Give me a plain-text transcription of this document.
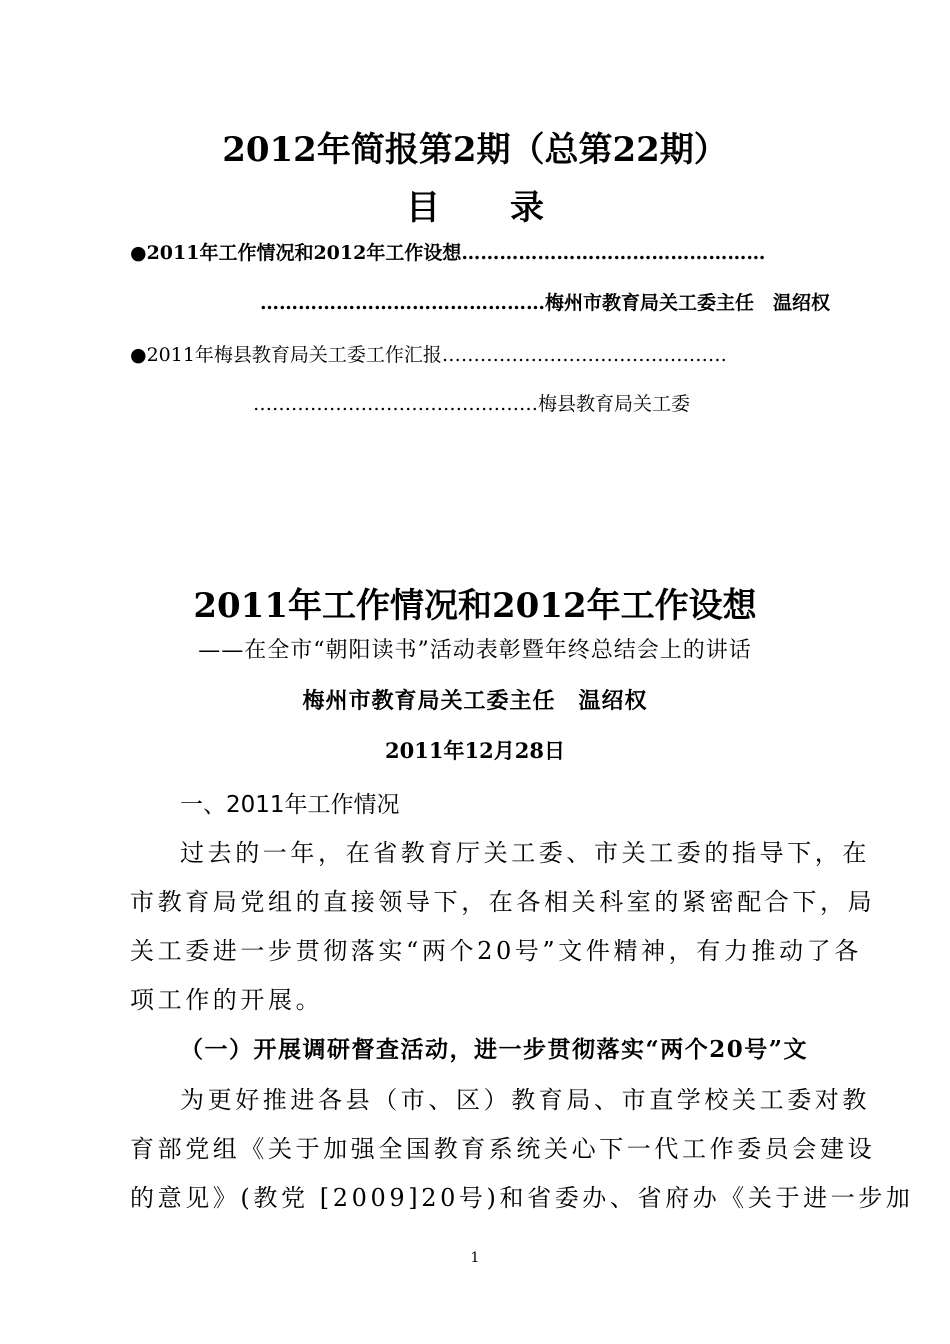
2012年简报第2期（总第22期）
目 录
●2011年工作情况和2012年工作设想…………………………………………
………………………………………梅州市教育局关工委主任　温绍权
●2011年梅县教育局关工委工作汇报………………………………………
………………………………………梅县教育局关工委
2011年工作情况和2012年工作设想
——在全市“朝阳读书”活动表彰暨年终总结会上的讲话
梅州市教育局关工委主任　温绍权
2011年12月28日
一、2011年工作情况
过去的一年，在省教育厅关工委、市关工委的指导下，在
市教育局党组的直接领导下，在各相关科室的紧密配合下，局
关工委进一步贯彻落实“两个20号”文件精神，有力推动了各
项工作的开展。
（一）开展调研督查活动，进一步贯彻落实“两个20号”文
为更好推进各县（市、区）教育局、市直学校关工委对教
育部党组《关于加强全国教育系统关心下一代工作委员会建设
的意见》(教党 [2009]20号)和省委办、省府办《关于进一步加
1
